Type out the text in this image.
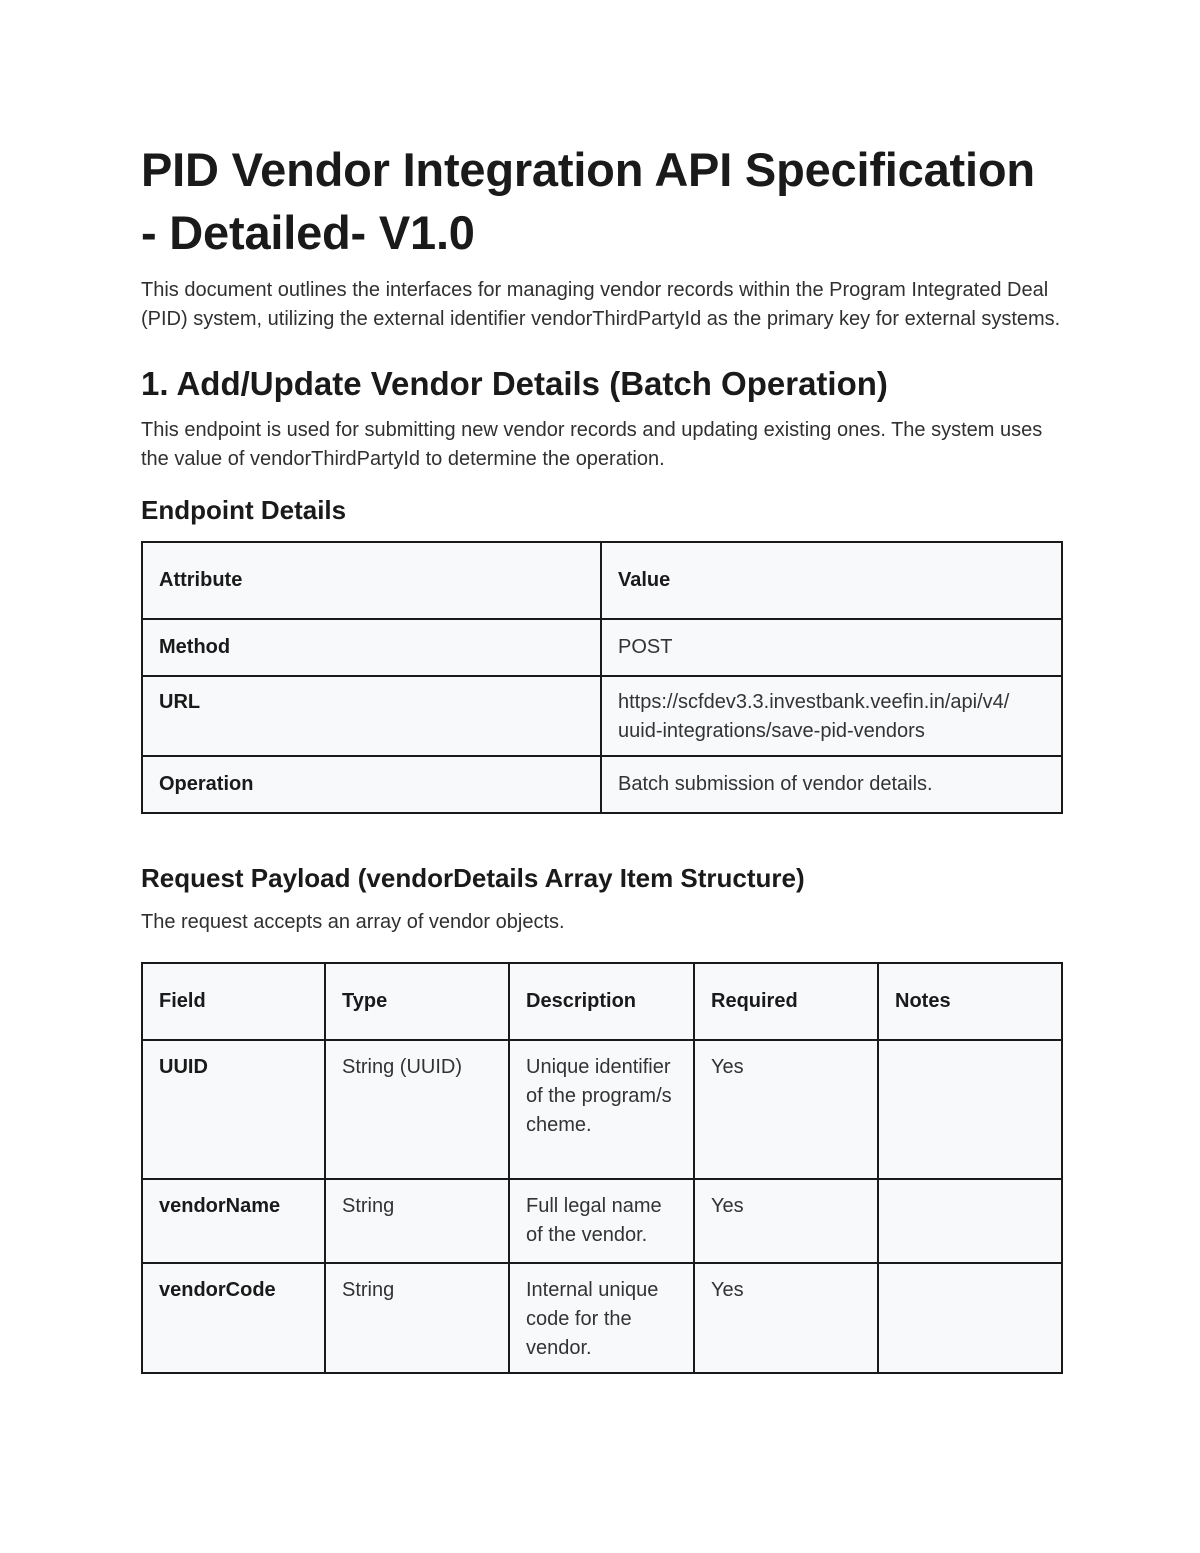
PID Vendor Integration API Specification - Detailed- V1.0

This document outlines the interfaces for managing vendor records within the Program Integrated Deal (PID) system, utilizing the external identifier vendorThirdPartyId as the primary key for external systems.

1. Add/Update Vendor Details (Batch Operation)

This endpoint is used for submitting new vendor records and updating existing ones. The system uses the value of vendorThirdPartyId to determine the operation.

Endpoint Details
Attribute	Value
Method	POST
URL	https://scfdev3.3.investbank.veefin.in/api/v4/
uuid-integrations/save-pid-vendors

Operation	Batch submission of vendor details.
Request Payload (vendorDetails Array Item Structure)

The request accepts an array of vendor objects.

Field	Type	Description	Required	Notes
UUID	String (UUID)	Unique identifier of the program/scheme.	Yes	
vendorName	String	Full legal name of the vendor.	Yes	
vendorCode	String	Internal unique code for the vendor.	Yes	
